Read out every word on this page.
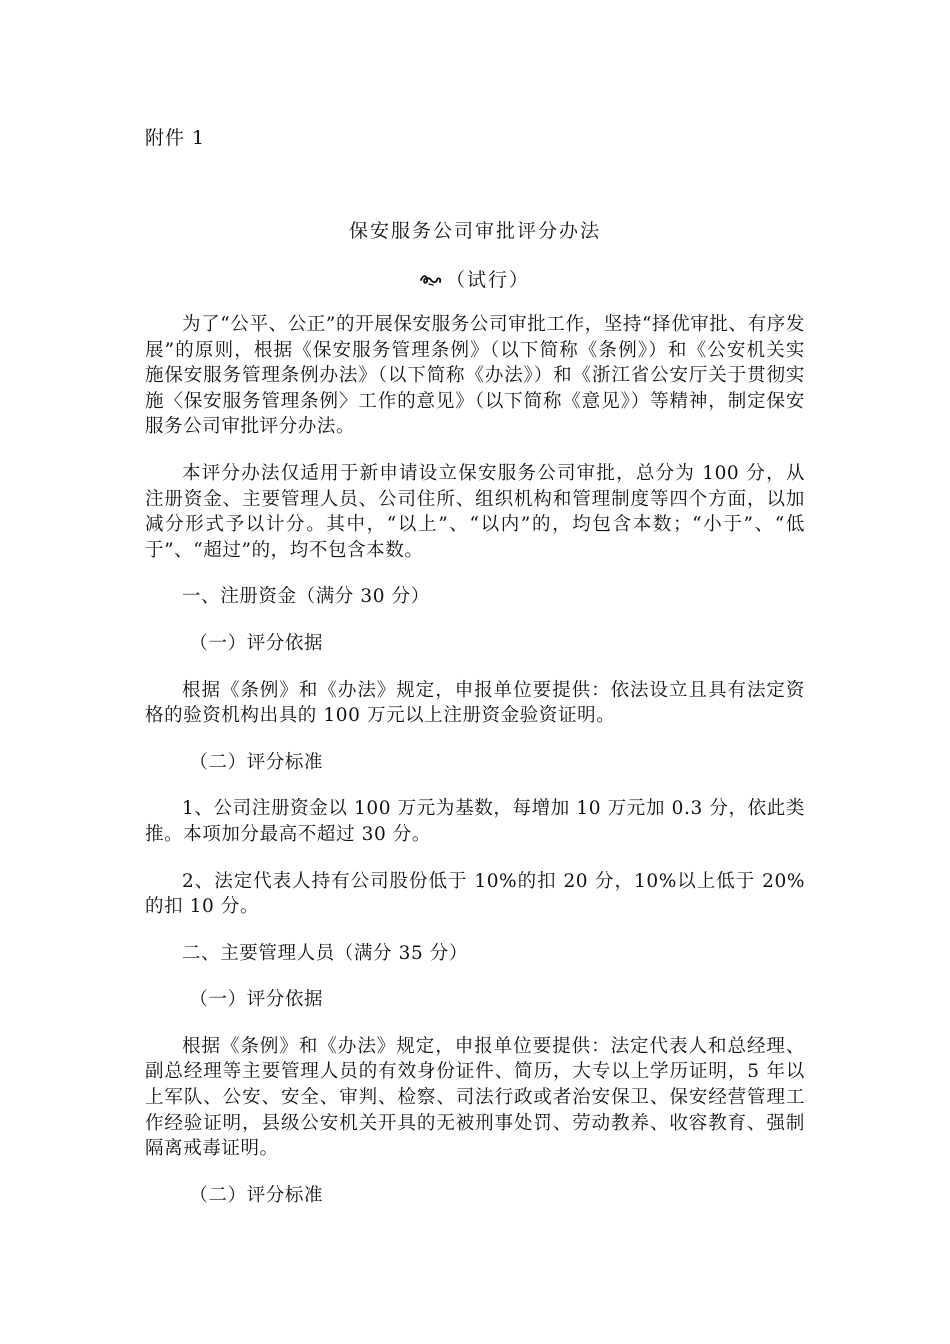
附件 1
保安服务公司审批评分办法
（试行）

为了“公平、公正”的开展保安服务公司审批工作，坚持“择优审批、有序发展”的原则，根据《保安服务管理条例》（以下简称《条例》）和《公安机关实施保安服务管理条例办法》（以下简称《办法》）和《浙江省公安厅关于贯彻实施〈保安服务管理条例〉工作的意见》（以下简称《意见》）等精神，制定保安服务公司审批评分办法。

本评分办法仅适用于新申请设立保安服务公司审批，总分为 100 分，从注册资金、主要管理人员、公司住所、组织机构和管理制度等四个方面，以加减分形式予以计分。其中，“以上”、“以内”的，均包含本数；“小于”、“低于”、“超过”的，均不包含本数。

一、注册资金（满分 30 分）

（一）评分依据

根据《条例》和《办法》规定，申报单位要提供：依法设立且具有法定资格的验资机构出具的 100 万元以上注册资金验资证明。

（二）评分标准

1、公司注册资金以 100 万元为基数，每增加 10 万元加 0.3 分，依此类推。本项加分最高不超过 30 分。

2、法定代表人持有公司股份低于 10%的扣 20 分，10%以上低于 20%的扣 10 分。

二、主要管理人员（满分 35 分）

（一）评分依据

根据《条例》和《办法》规定，申报单位要提供：法定代表人和总经理、副总经理等主要管理人员的有效身份证件、简历，大专以上学历证明，5 年以上军队、公安、安全、审判、检察、司法行政或者治安保卫、保安经营管理工作经验证明，县级公安机关开具的无被刑事处罚、劳动教养、收容教育、强制隔离戒毒证明。

（二）评分标准
